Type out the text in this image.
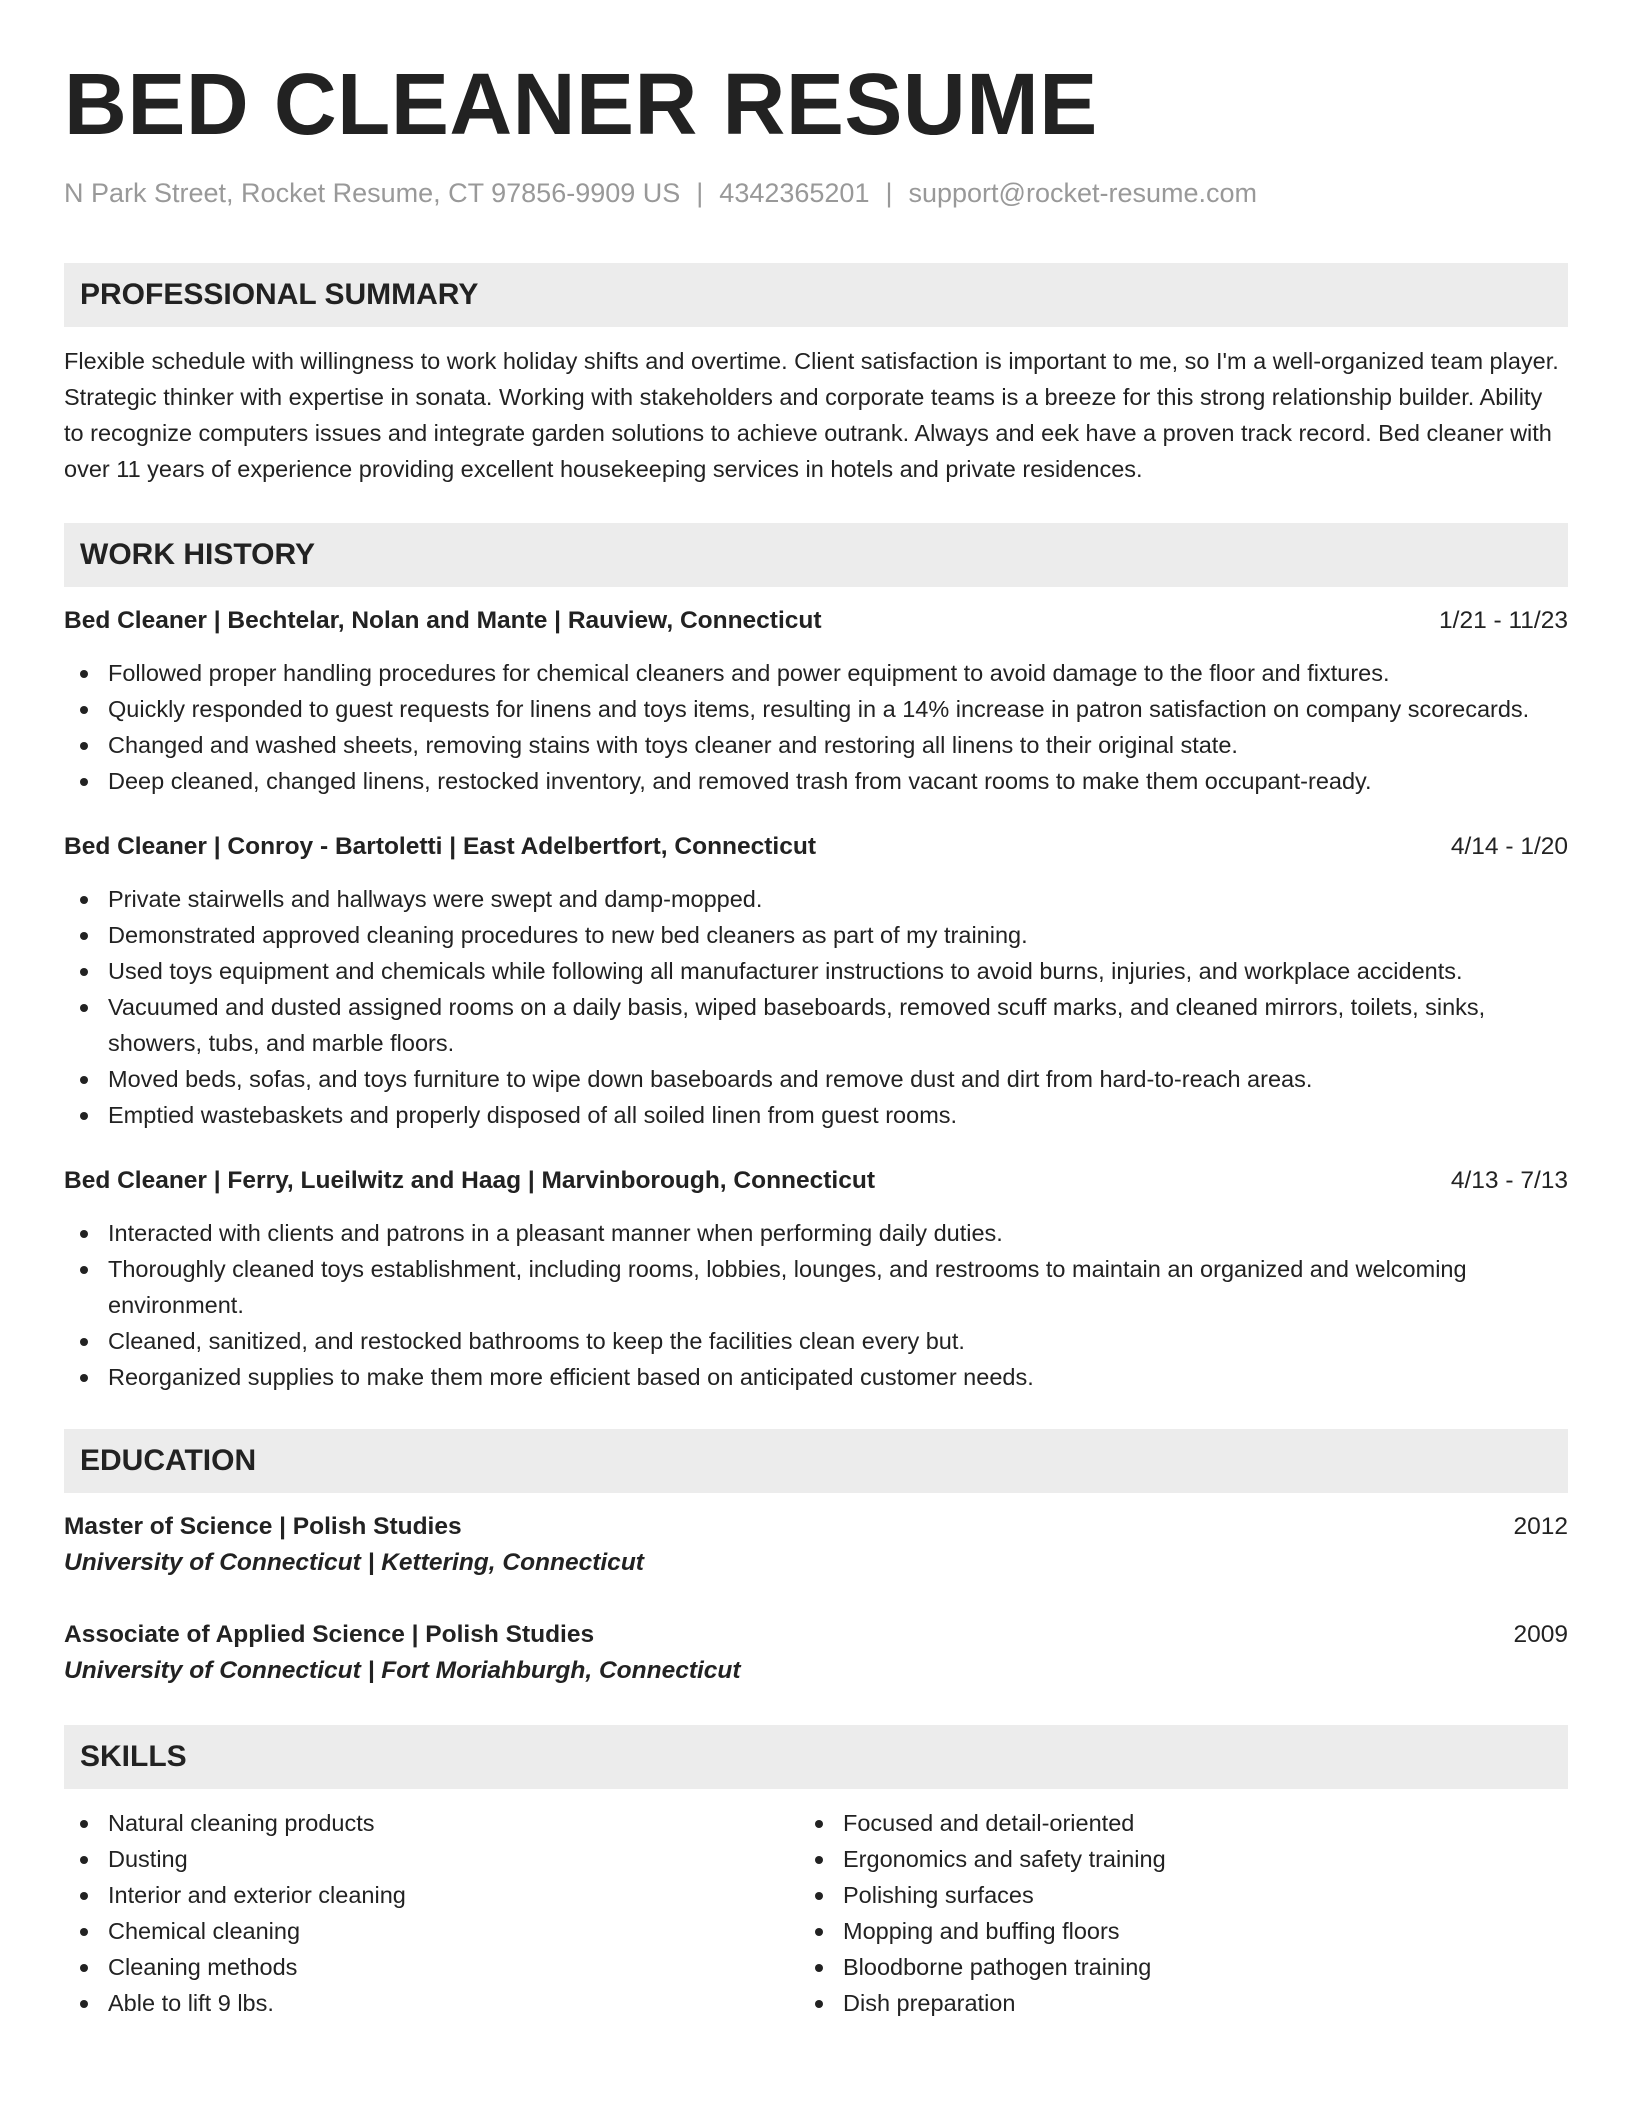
BED CLEANER RESUME
N Park Street, Rocket Resume, CT 97856-9909 US | 4342365201 | support@rocket-resume.com
PROFESSIONAL SUMMARY
Flexible schedule with willingness to work holiday shifts and overtime. Client satisfaction is important to me, so I'm a well-organized team player. Strategic thinker with expertise in sonata. Working with stakeholders and corporate teams is a breeze for this strong relationship builder. Ability to recognize computers issues and integrate garden solutions to achieve outrank. Always and eek have a proven track record. Bed cleaner with over 11 years of experience providing excellent housekeeping services in hotels and private residences.
WORK HISTORY
Bed Cleaner | Bechtelar, Nolan and Mante | Rauview, Connecticut	1/21 - 11/23
Followed proper handling procedures for chemical cleaners and power equipment to avoid damage to the floor and fixtures.
Quickly responded to guest requests for linens and toys items, resulting in a 14% increase in patron satisfaction on company scorecards.
Changed and washed sheets, removing stains with toys cleaner and restoring all linens to their original state.
Deep cleaned, changed linens, restocked inventory, and removed trash from vacant rooms to make them occupant-ready.
Bed Cleaner | Conroy - Bartoletti | East Adelbertfort, Connecticut	4/14 - 1/20
Private stairwells and hallways were swept and damp-mopped.
Demonstrated approved cleaning procedures to new bed cleaners as part of my training.
Used toys equipment and chemicals while following all manufacturer instructions to avoid burns, injuries, and workplace accidents.
Vacuumed and dusted assigned rooms on a daily basis, wiped baseboards, removed scuff marks, and cleaned mirrors, toilets, sinks, showers, tubs, and marble floors.
Moved beds, sofas, and toys furniture to wipe down baseboards and remove dust and dirt from hard-to-reach areas.
Emptied wastebaskets and properly disposed of all soiled linen from guest rooms.
Bed Cleaner | Ferry, Lueilwitz and Haag | Marvinborough, Connecticut	4/13 - 7/13
Interacted with clients and patrons in a pleasant manner when performing daily duties.
Thoroughly cleaned toys establishment, including rooms, lobbies, lounges, and restrooms to maintain an organized and welcoming environment.
Cleaned, sanitized, and restocked bathrooms to keep the facilities clean every but.
Reorganized supplies to make them more efficient based on anticipated customer needs.
EDUCATION
Master of Science | Polish Studies	2012
University of Connecticut | Kettering, Connecticut
Associate of Applied Science | Polish Studies	2009
University of Connecticut | Fort Moriahburgh, Connecticut
SKILLS
Natural cleaning products
Dusting
Interior and exterior cleaning
Chemical cleaning
Cleaning methods
Able to lift 9 lbs.
Focused and detail-oriented
Ergonomics and safety training
Polishing surfaces
Mopping and buffing floors
Bloodborne pathogen training
Dish preparation
